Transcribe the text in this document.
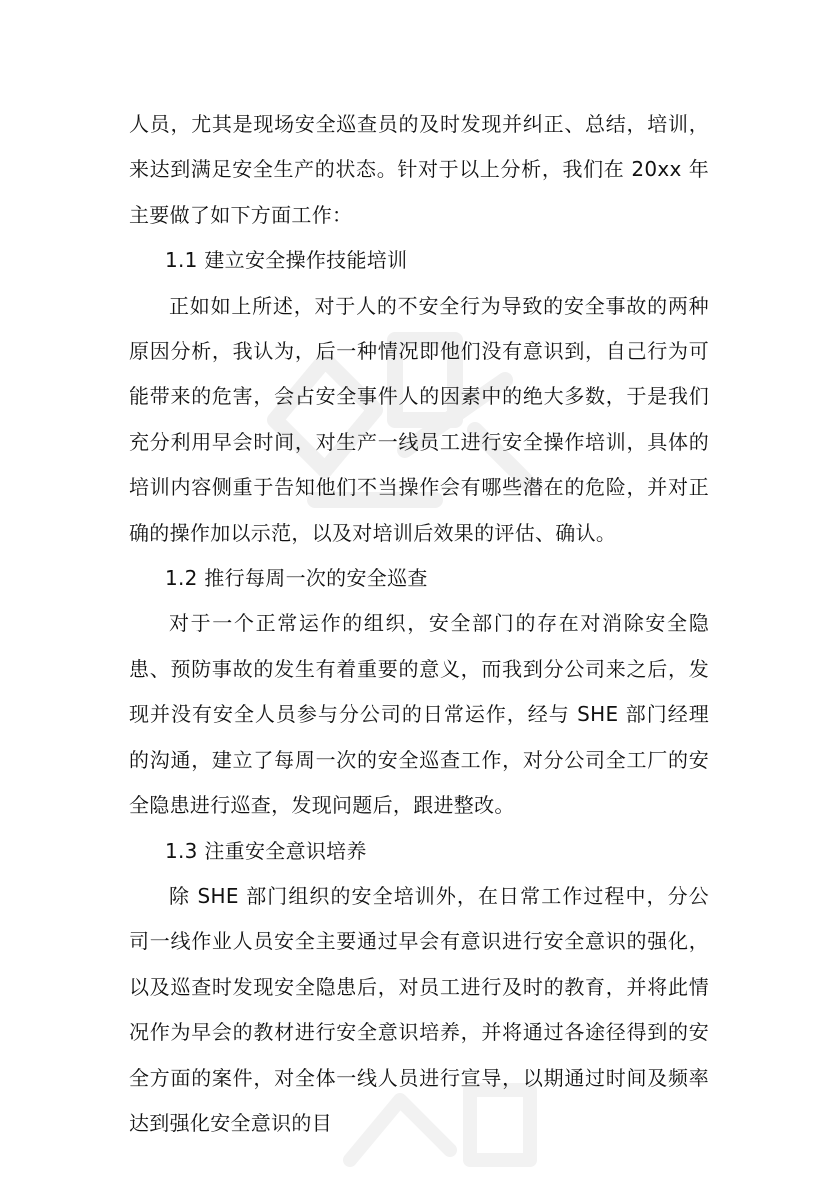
人员，尤其是现场安全巡查员的及时发现并纠正、总结，培训，来达到满足安全生产的状态。针对于以上分析，我们在 20xx 年主要做了如下方面工作：

1.1 建立安全操作技能培训

正如如上所述，对于人的不安全行为导致的安全事故的两种原因分析，我认为，后一种情况即他们没有意识到，自己行为可能带来的危害，会占安全事件人的因素中的绝大多数，于是我们充分利用早会时间，对生产一线员工进行安全操作培训，具体的培训内容侧重于告知他们不当操作会有哪些潜在的危险，并对正确的操作加以示范，以及对培训后效果的评估、确认。

1.2 推行每周一次的安全巡查

对于一个正常运作的组织，安全部门的存在对消除安全隐患、预防事故的发生有着重要的意义，而我到分公司来之后，发现并没有安全人员参与分公司的日常运作，经与 SHE 部门经理的沟通，建立了每周一次的安全巡查工作，对分公司全工厂的安全隐患进行巡查，发现问题后，跟进整改。

1.3 注重安全意识培养

除 SHE 部门组织的安全培训外，在日常工作过程中，分公司一线作业人员安全主要通过早会有意识进行安全意识的强化，以及巡查时发现安全隐患后，对员工进行及时的教育，并将此情况作为早会的教材进行安全意识培养，并将通过各途径得到的安全方面的案件，对全体一线人员进行宣导，以期通过时间及频率达到强化安全意识的目
